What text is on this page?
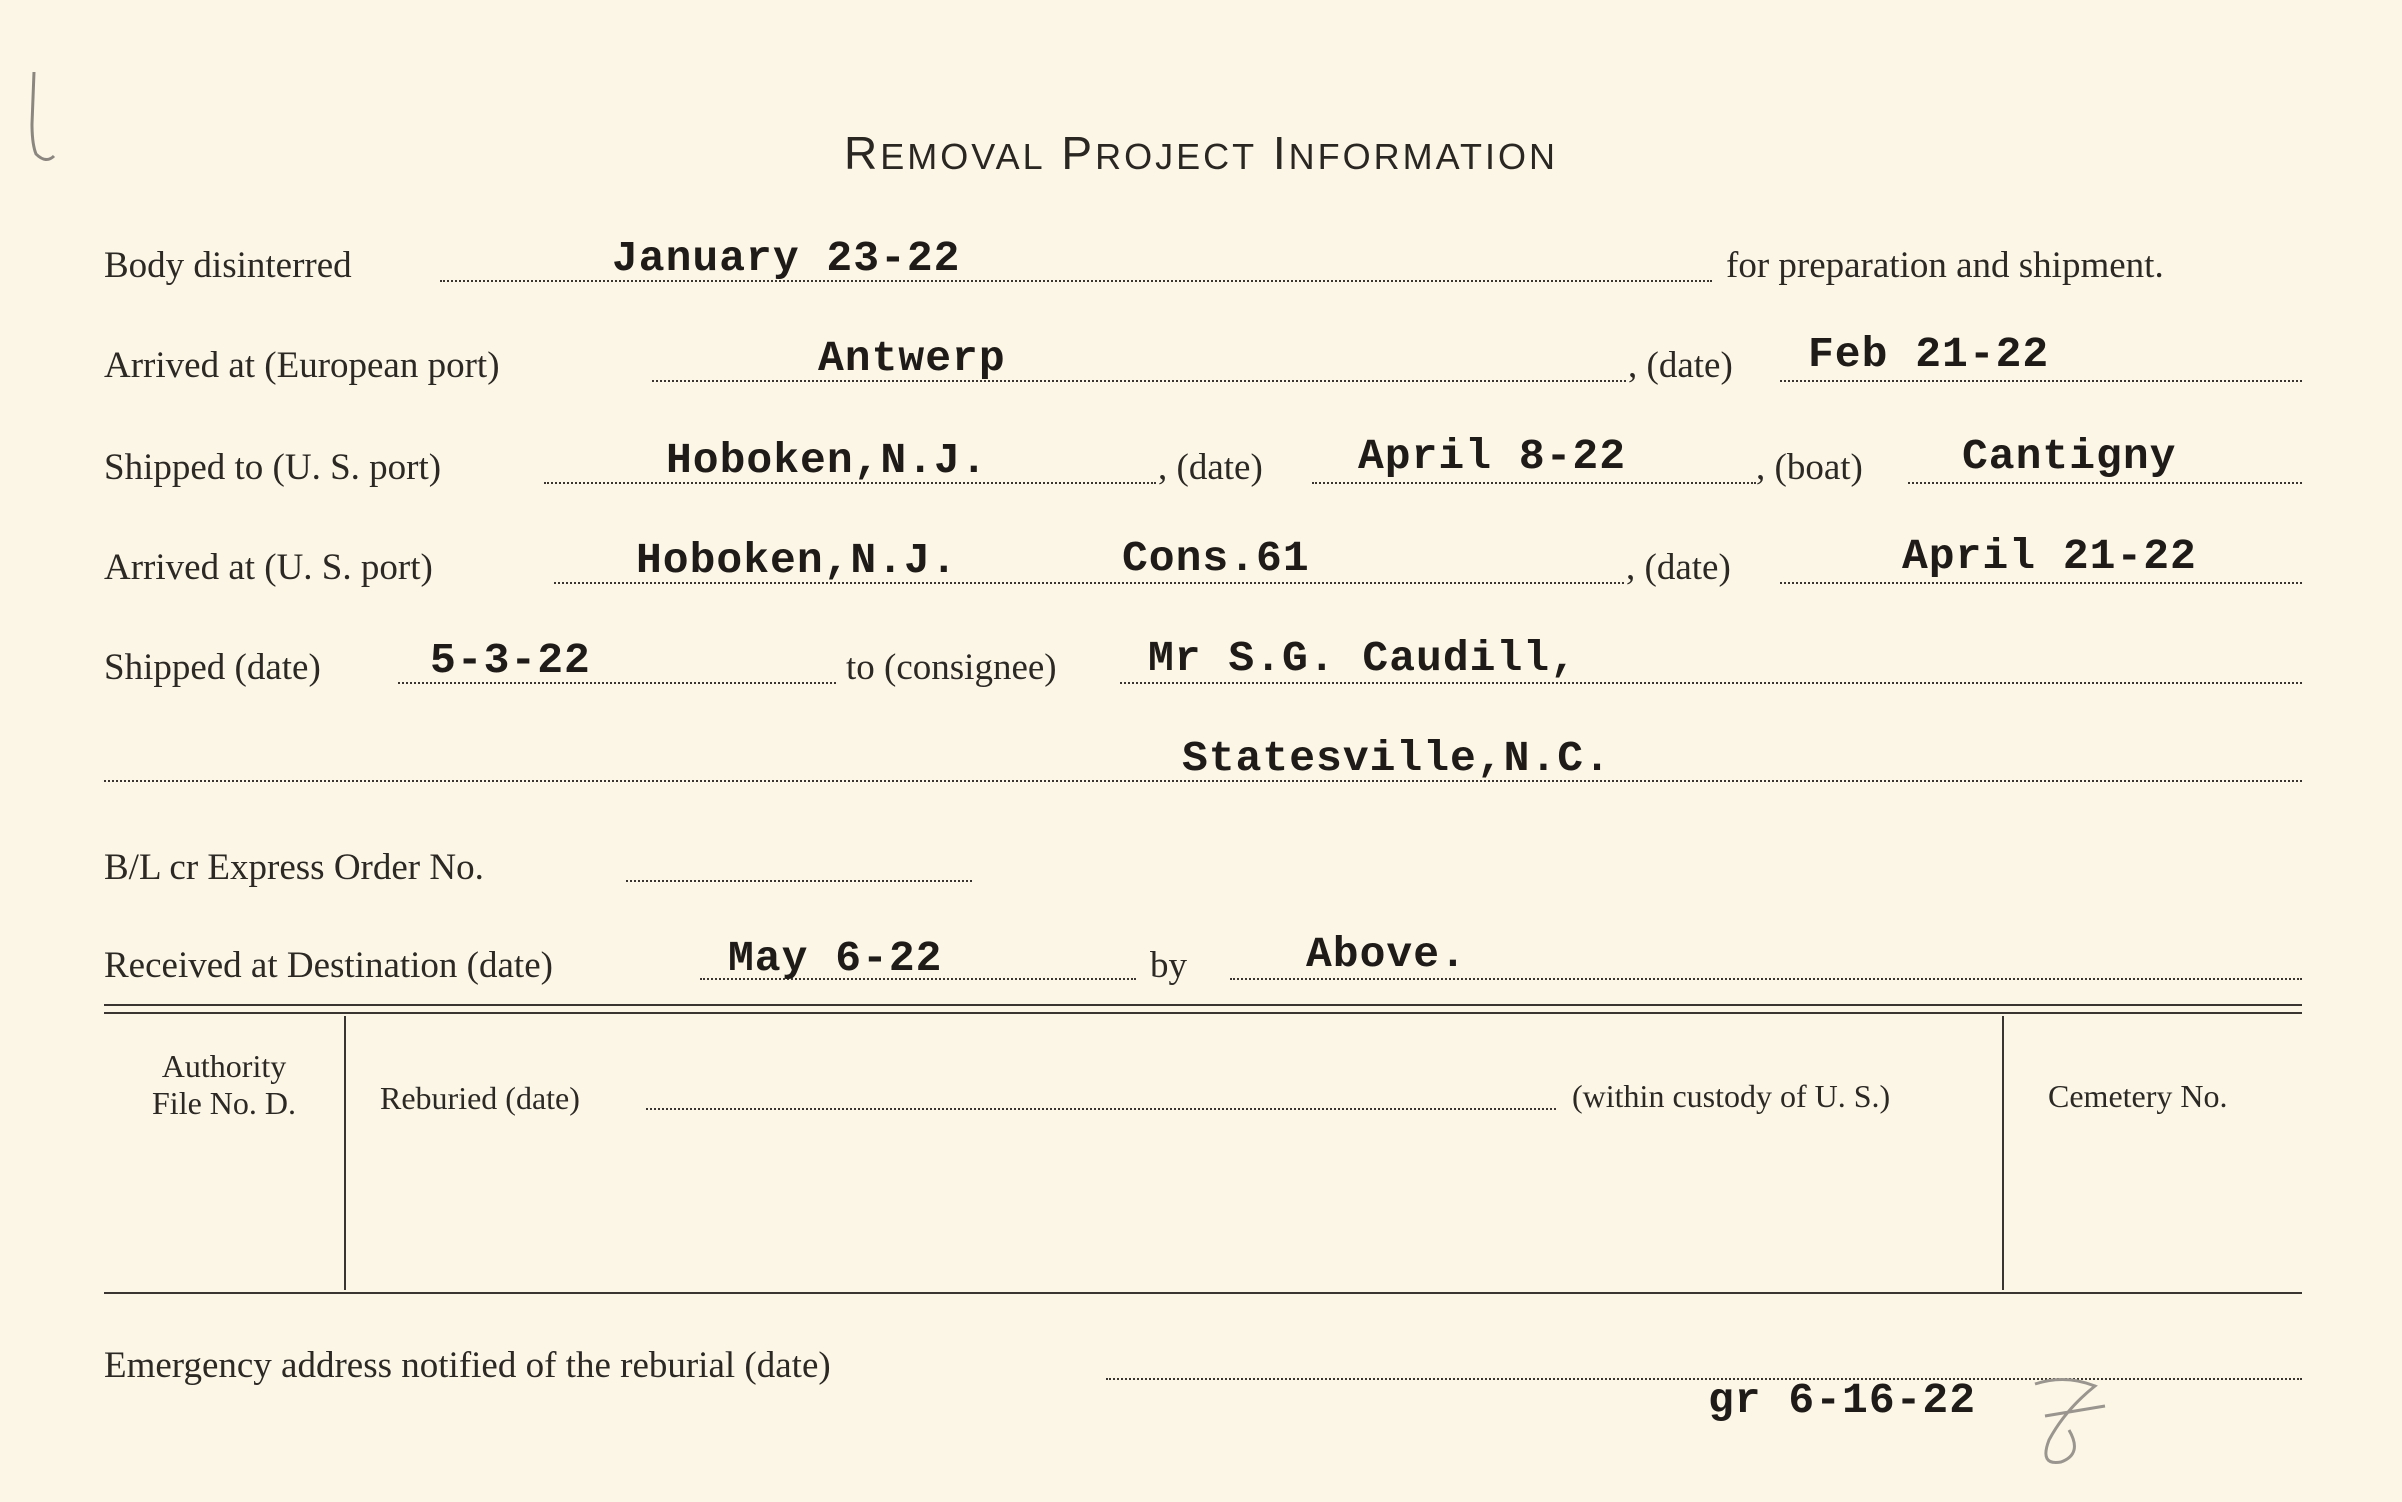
REMOVAL PROJECT INFORMATION
Body disinterred	January 23-22	for preparation and shipment.
Arrived at (European port)	Antwerp	, (date) Feb 21-22
Shipped to (U. S. port)	Hoboken,N.J.	, (date) April 8-22	, (boat) Cantigny
Arrived at (U. S. port)	Hoboken,N.J.	Cons.61	, (date)	April 21-22
Shipped (date)	5-3-22	to (consignee) Mr S.G. Caudill,
Statesville,N.C.
B/L cr Express Order No.
Received at Destination (date)	May 6-22	by	Above.
Authority
File No. D.	Reburied (date)	(within custody of U. S.)	Cemetery No.
Emergency address notified of the reburial (date)
gr 6-16-22
